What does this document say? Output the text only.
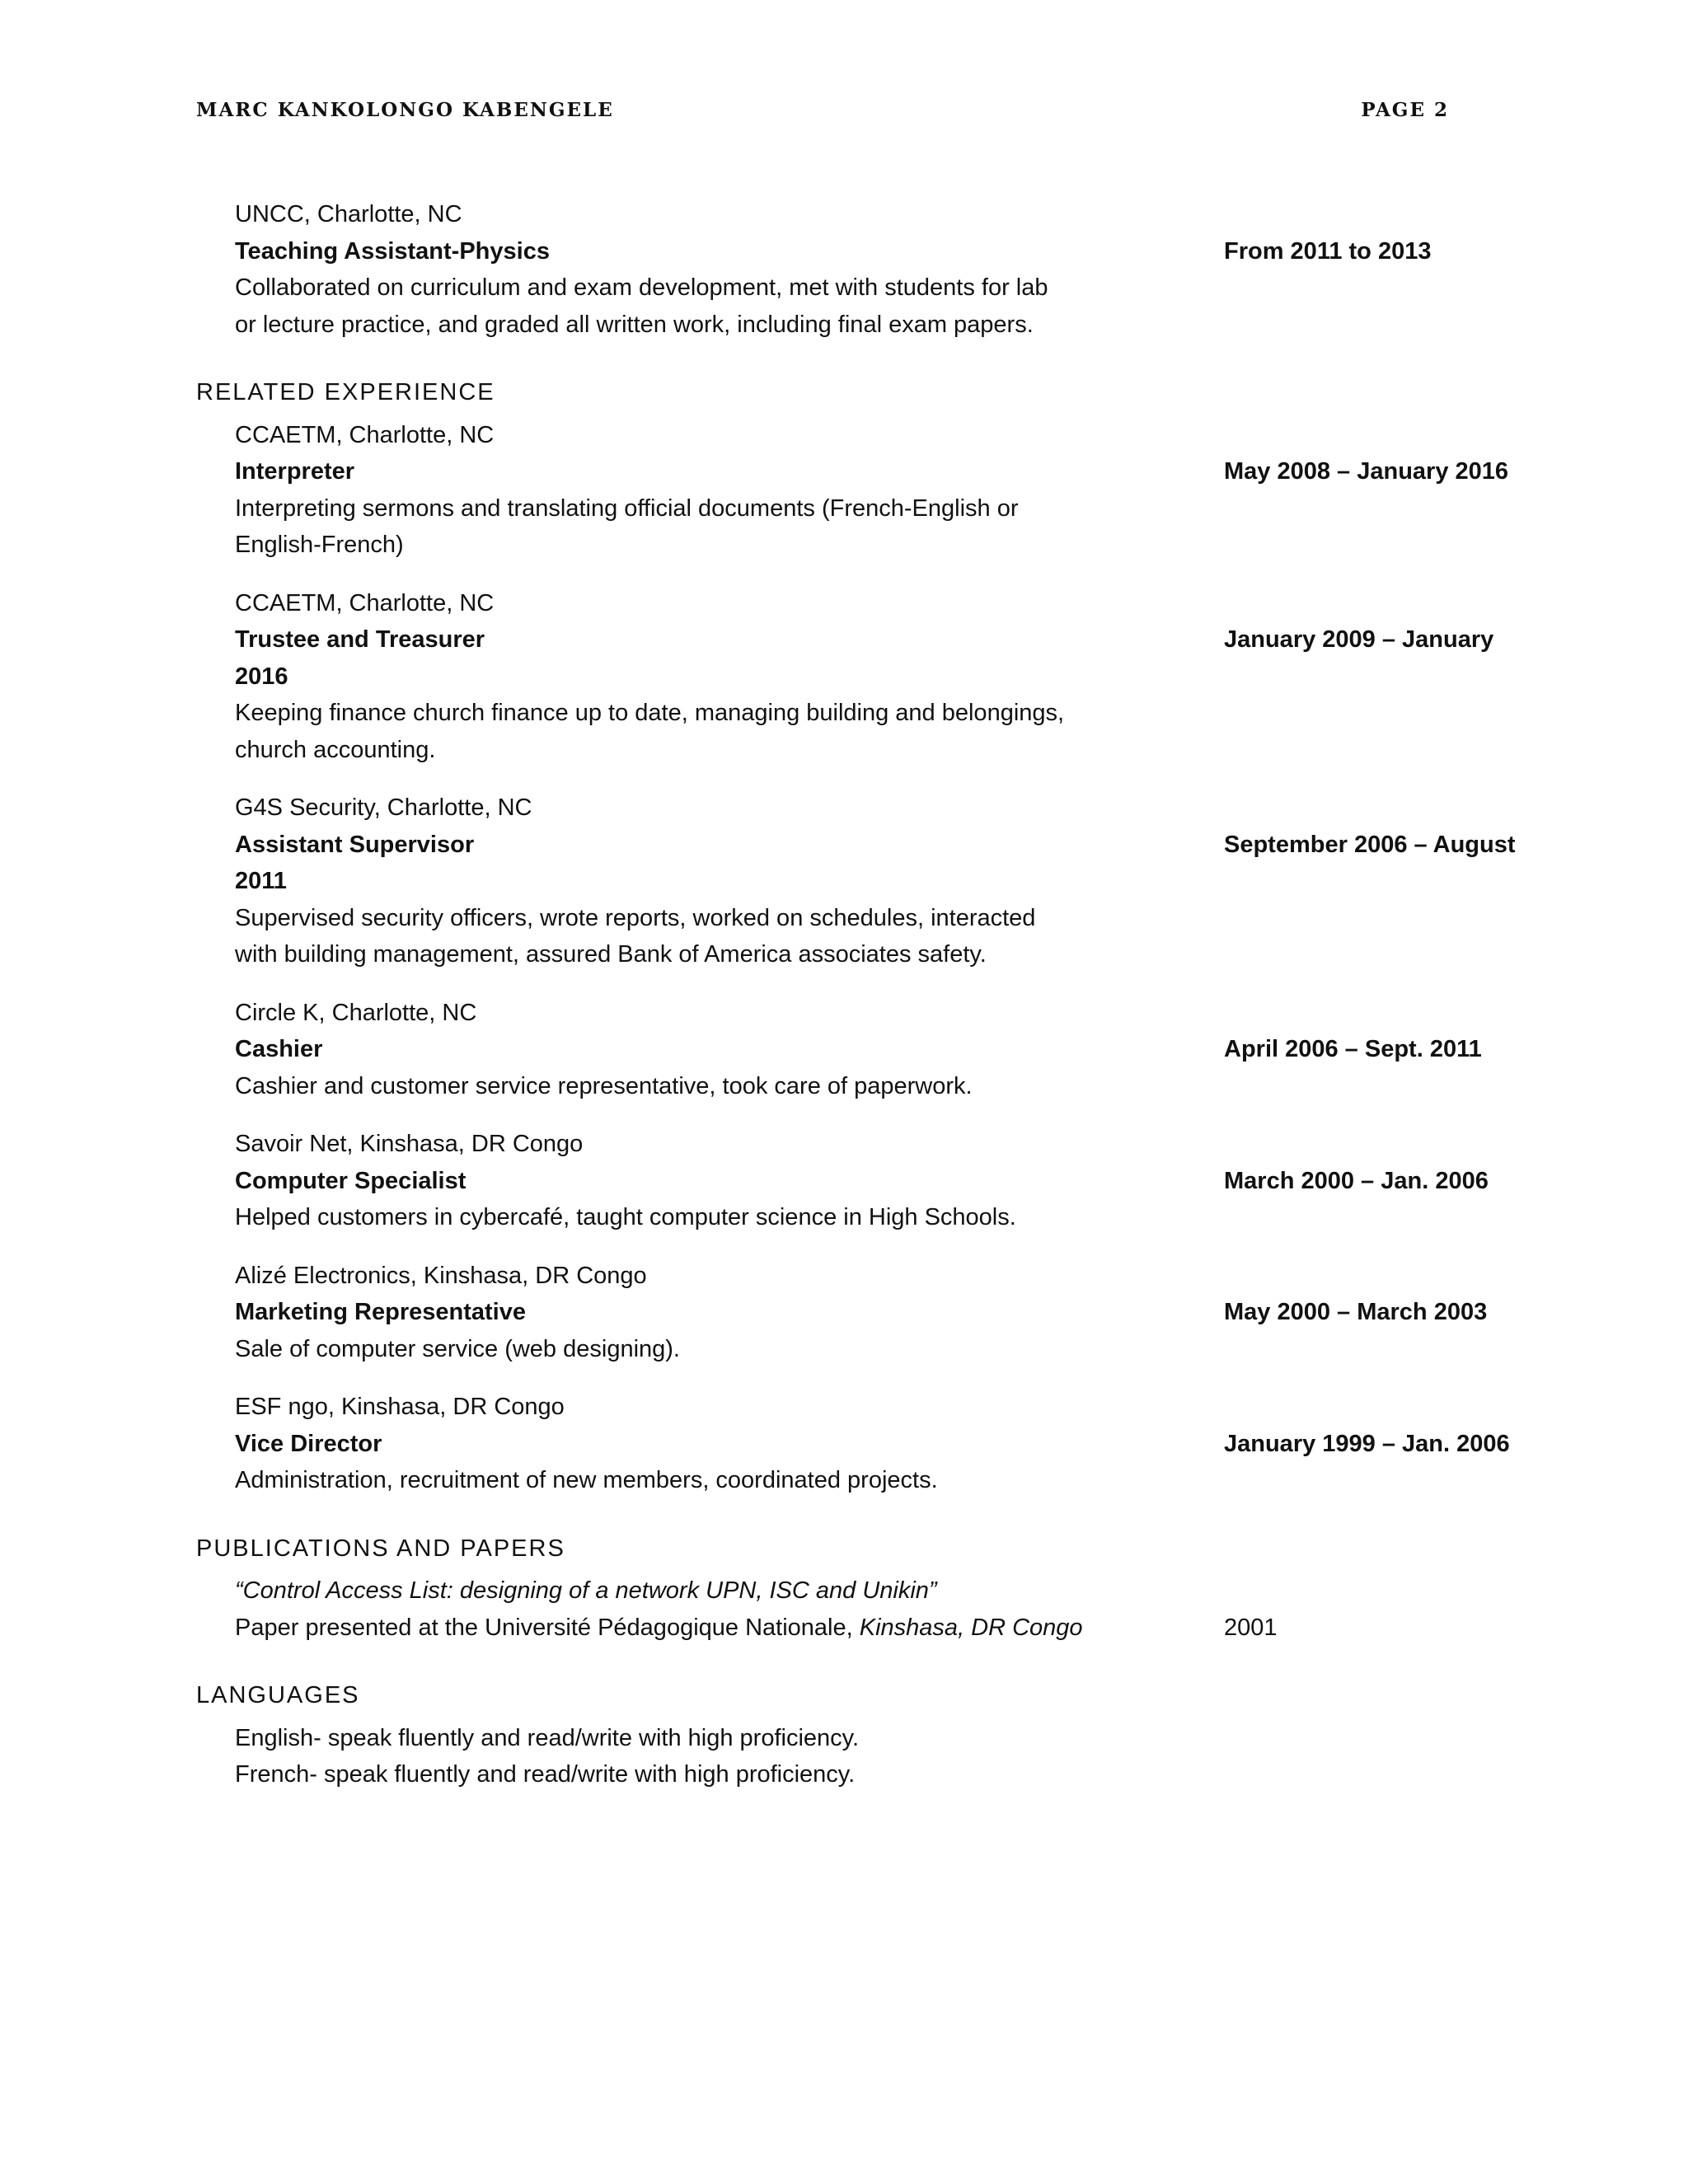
MARC KANKOLONGO KABENGELE	PAGE 2
UNCC, Charlotte, NC
Teaching Assistant-Physics	From 2011 to 2013
Collaborated on curriculum and exam development, met with students for lab
or lecture practice, and graded all written work, including final exam papers.
RELATED EXPERIENCE
CCAETM, Charlotte, NC
Interpreter	May 2008 – January 2016
Interpreting sermons and translating official documents (French-English or
English-French)
CCAETM, Charlotte, NC
Trustee and Treasurer	January 2009 – January
2016
Keeping finance church finance up to date, managing building and belongings,
church accounting.
G4S Security, Charlotte, NC
Assistant Supervisor	September 2006 – August
2011
Supervised security officers, wrote reports, worked on schedules, interacted
with building management, assured Bank of America associates safety.
Circle K, Charlotte, NC
Cashier	April 2006 – Sept. 2011
Cashier and customer service representative, took care of paperwork.
Savoir Net, Kinshasa, DR Congo
Computer Specialist	March 2000 – Jan. 2006
Helped customers in cybercafé, taught computer science in High Schools.
Alizé Electronics, Kinshasa, DR Congo
Marketing Representative	May 2000 – March 2003
Sale of computer service (web designing).
ESF ngo, Kinshasa, DR Congo
Vice Director	January 1999 – Jan. 2006
Administration, recruitment of new members, coordinated projects.
PUBLICATIONS AND PAPERS
“Control Access List: designing of a network UPN, ISC and Unikin”
Paper presented at the Université Pédagogique Nationale, Kinshasa, DR Congo	2001
LANGUAGES
English- speak fluently and read/write with high proficiency.
French- speak fluently and read/write with high proficiency.
